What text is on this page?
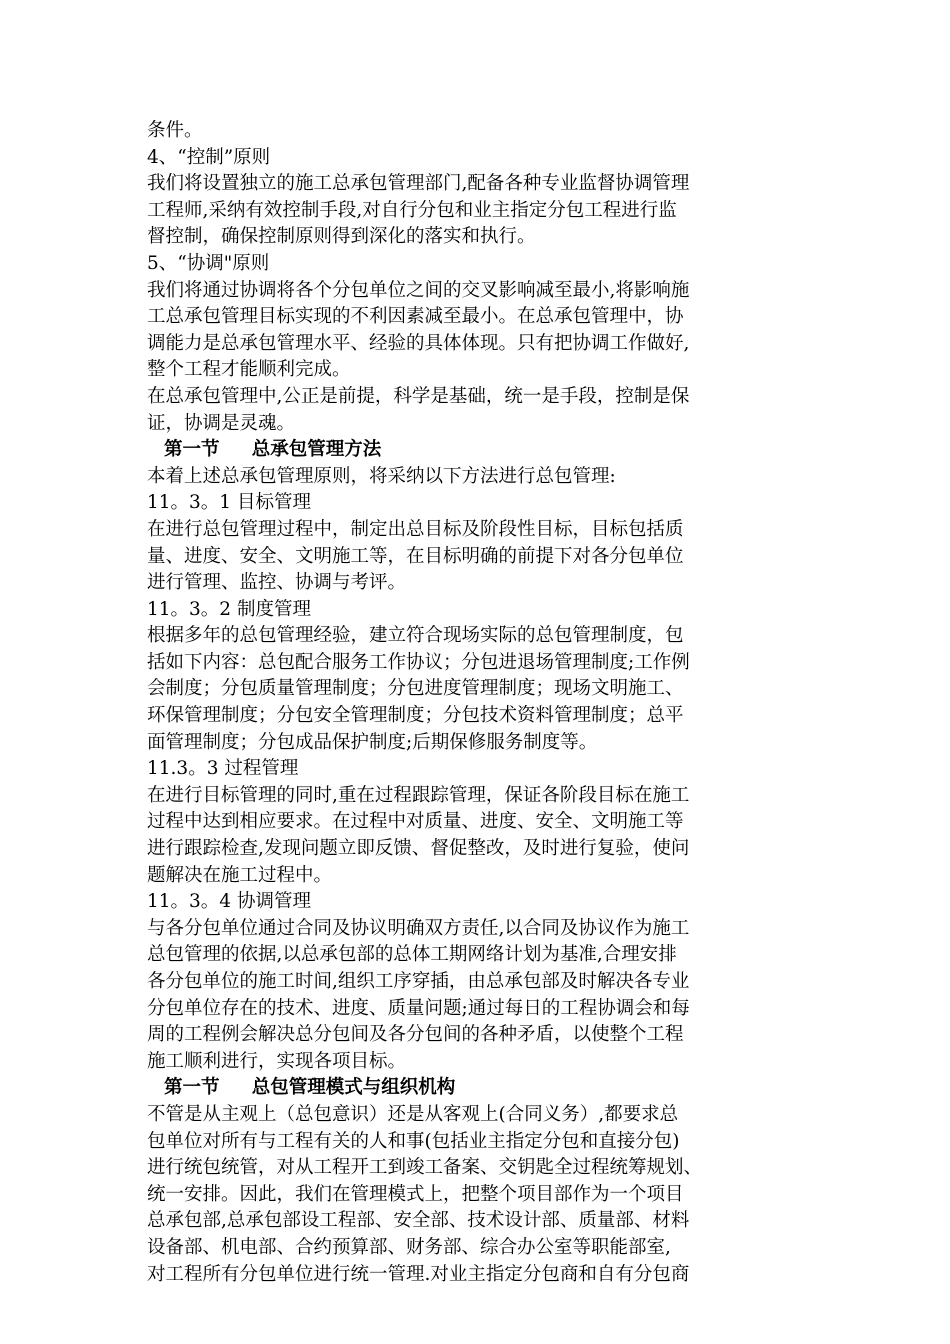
条件。
4、“控制”原则
我们将设置独立的施工总承包管理部门,配备各种专业监督协调管理
工程师,采纳有效控制手段,对自行分包和业主指定分包工程进行监
督控制，确保控制原则得到深化的落实和执行。
5、“协调"原则
我们将通过协调将各个分包单位之间的交叉影响减至最小,将影响施
工总承包管理目标实现的不利因素减至最小。在总承包管理中，协
调能力是总承包管理水平、经验的具体体现。只有把协调工作做好,
整个工程才能顺利完成。
在总承包管理中,公正是前提，科学是基础，统一是手段，控制是保
证，协调是灵魂。
第一节     总承包管理方法
本着上述总承包管理原则，将采纳以下方法进行总包管理:
11。3。1 目标管理
在进行总包管理过程中，制定出总目标及阶段性目标，目标包括质
量、进度、安全、文明施工等，在目标明确的前提下对各分包单位
进行管理、监控、协调与考评。
11。3。2 制度管理
根据多年的总包管理经验，建立符合现场实际的总包管理制度，包
括如下内容：总包配合服务工作协议；分包进退场管理制度;工作例
会制度；分包质量管理制度；分包进度管理制度；现场文明施工、
环保管理制度；分包安全管理制度；分包技术资料管理制度；总平
面管理制度；分包成品保护制度;后期保修服务制度等。
11.3。3 过程管理
在进行目标管理的同时,重在过程跟踪管理，保证各阶段目标在施工
过程中达到相应要求。在过程中对质量、进度、安全、文明施工等
进行跟踪检查,发现问题立即反馈、督促整改，及时进行复验，使问
题解决在施工过程中。
11。3。4 协调管理
与各分包单位通过合同及协议明确双方责任,以合同及协议作为施工
总包管理的依据,以总承包部的总体工期网络计划为基准,合理安排
各分包单位的施工时间,组织工序穿插，由总承包部及时解决各专业
分包单位存在的技术、进度、质量问题;通过每日的工程协调会和每
周的工程例会解决总分包间及各分包间的各种矛盾，以使整个工程
施工顺利进行，实现各项目标。
第一节     总包管理模式与组织机构
不管是从主观上（总包意识）还是从客观上(合同义务）,都要求总
包单位对所有与工程有关的人和事(包括业主指定分包和直接分包)
进行统包统管，对从工程开工到竣工备案、交钥匙全过程统筹规划、
统一安排。因此，我们在管理模式上，把整个项目部作为一个项目
总承包部,总承包部设工程部、安全部、技术设计部、质量部、材料
设备部、机电部、合约预算部、财务部、综合办公室等职能部室,
对工程所有分包单位进行统一管理.对业主指定分包商和自有分包商
